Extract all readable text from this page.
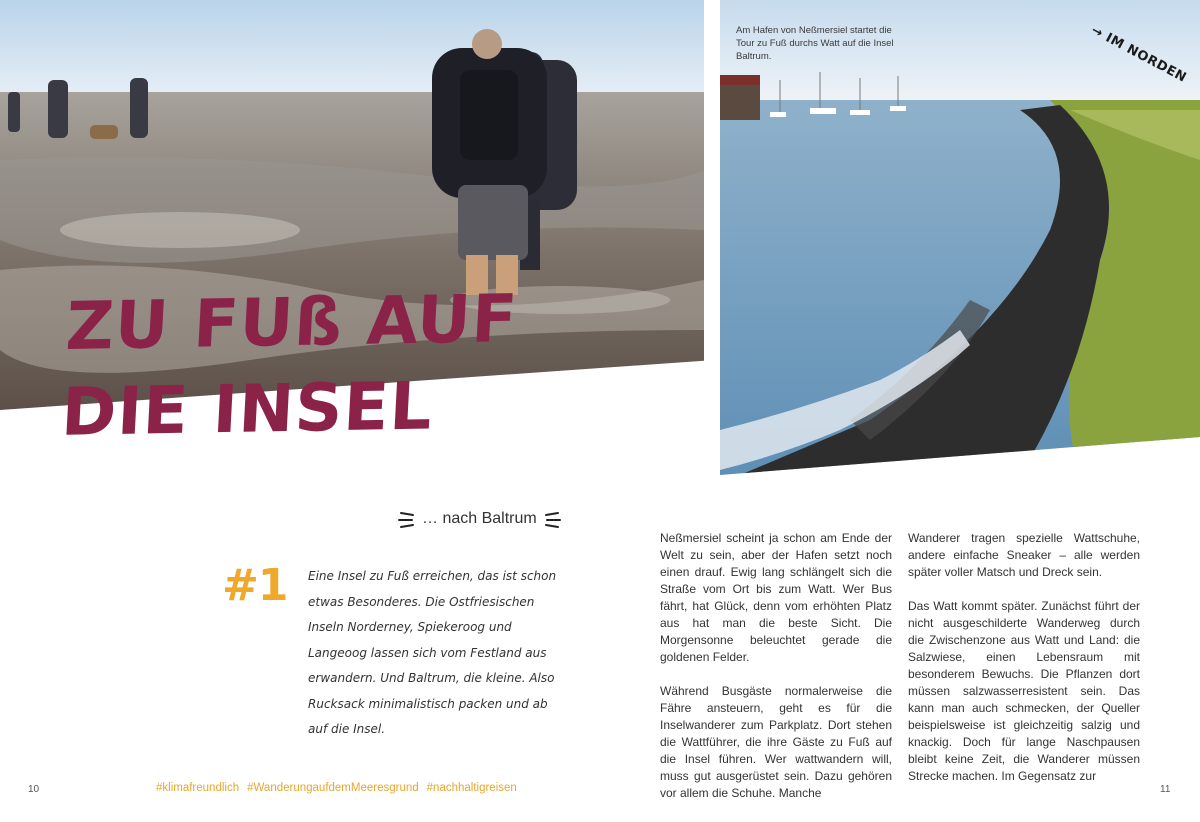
Am Hafen von Neßmersiel startet die Tour zu Fuß durchs Watt auf die Insel Baltrum.
→ IM NORDEN
ZU FUß AUF
DIE INSEL
… nach Baltrum
#1 Eine Insel zu Fuß erreichen, das ist schon etwas Besonderes. Die Ostfriesischen Inseln Norderney, Spiekeroog und Langeoog lassen sich vom Festland aus erwandern. Und Baltrum, die kleine. Also Rucksack minimalistisch packen und ab auf die Insel.

Neßmersiel scheint ja schon am Ende der Welt zu sein, aber der Hafen setzt noch einen drauf. Ewig lang schlängelt sich die Straße vom Ort bis zum Watt. Wer Bus fährt, hat Glück, denn vom erhöhten Platz aus hat man die beste Sicht. Die Morgensonne beleuchtet gerade die goldenen Felder.

Während Busgäste normalerweise die Fähre ansteuern, geht es für die Inselwanderer zum Parkplatz. Dort stehen die Wattführer, die ihre Gäste zu Fuß auf die Insel führen. Wer wattwandern will, muss gut ausgerüstet sein. Dazu gehören vor allem die Schuhe. Manche

Wanderer tragen spezielle Wattschuhe, andere einfache Sneaker – alle werden später voller Matsch und Dreck sein.

Das Watt kommt später. Zunächst führt der nicht ausgeschilderte Wanderweg durch die Zwischenzone aus Watt und Land: die Salzwiese, einen Lebensraum mit besonderem Bewuchs. Die Pflanzen dort müssen salzwasserresistent sein. Das kann man auch schmecken, der Queller beispielsweise ist gleichzeitig salzig und knackig. Doch für lange Naschpausen bleibt keine Zeit, die Wanderer müssen Strecke machen. Im Gegensatz zur

10	#klimafreundlich #WanderungaufdemMeeresgrund #nachhaltigreisen	11
